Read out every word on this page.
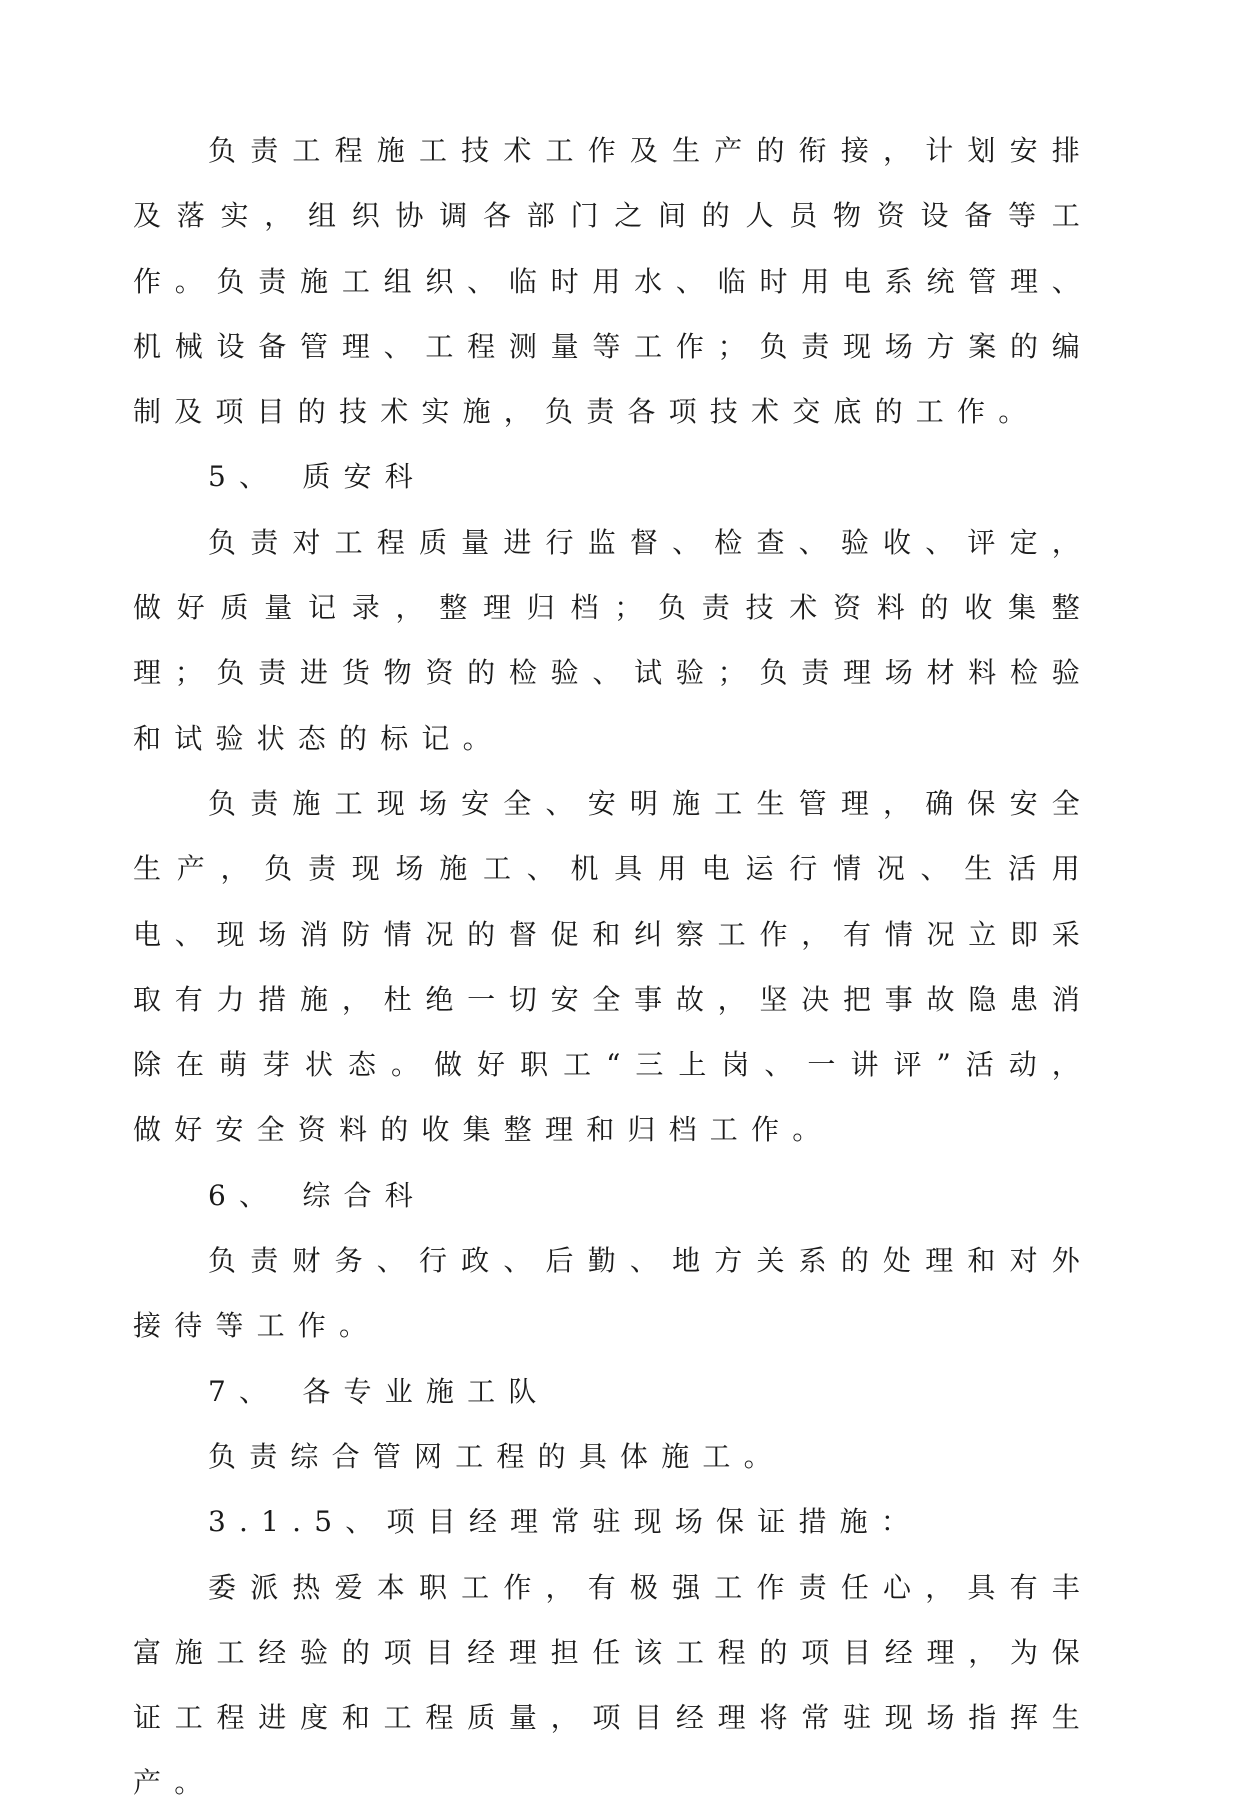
负责工程施工技术工作及生产的衔接，计划安排及落实，组织协调各部门之间的人员物资设备等工作。负责施工组织、临时用水、临时用电系统管理、机械设备管理、工程测量等工作；负责现场方案的编制及项目的技术实施，负责各项技术交底的工作。

5、 质安科

负责对工程质量进行监督、检查、验收、评定，做好质量记录，整理归档；负责技术资料的收集整理；负责进货物资的检验、试验；负责理场材料检验和试验状态的标记。

负责施工现场安全、安明施工生管理，确保安全生产，负责现场施工、机具用电运行情况、生活用电、现场消防情况的督促和纠察工作，有情况立即采取有力措施，杜绝一切安全事故，坚决把事故隐患消除在萌芽状态。做好职工“三上岗、一讲评”活动，做好安全资料的收集整理和归档工作。

6、 综合科

负责财务、行政、后勤、地方关系的处理和对外接待等工作。

7、 各专业施工队

负责综合管网工程的具体施工。

3.1.5、项目经理常驻现场保证措施：

委派热爱本职工作，有极强工作责任心，具有丰富施工经验的项目经理担任该工程的项目经理，为保证工程进度和工程质量，项目经理将常驻现场指挥生产。
